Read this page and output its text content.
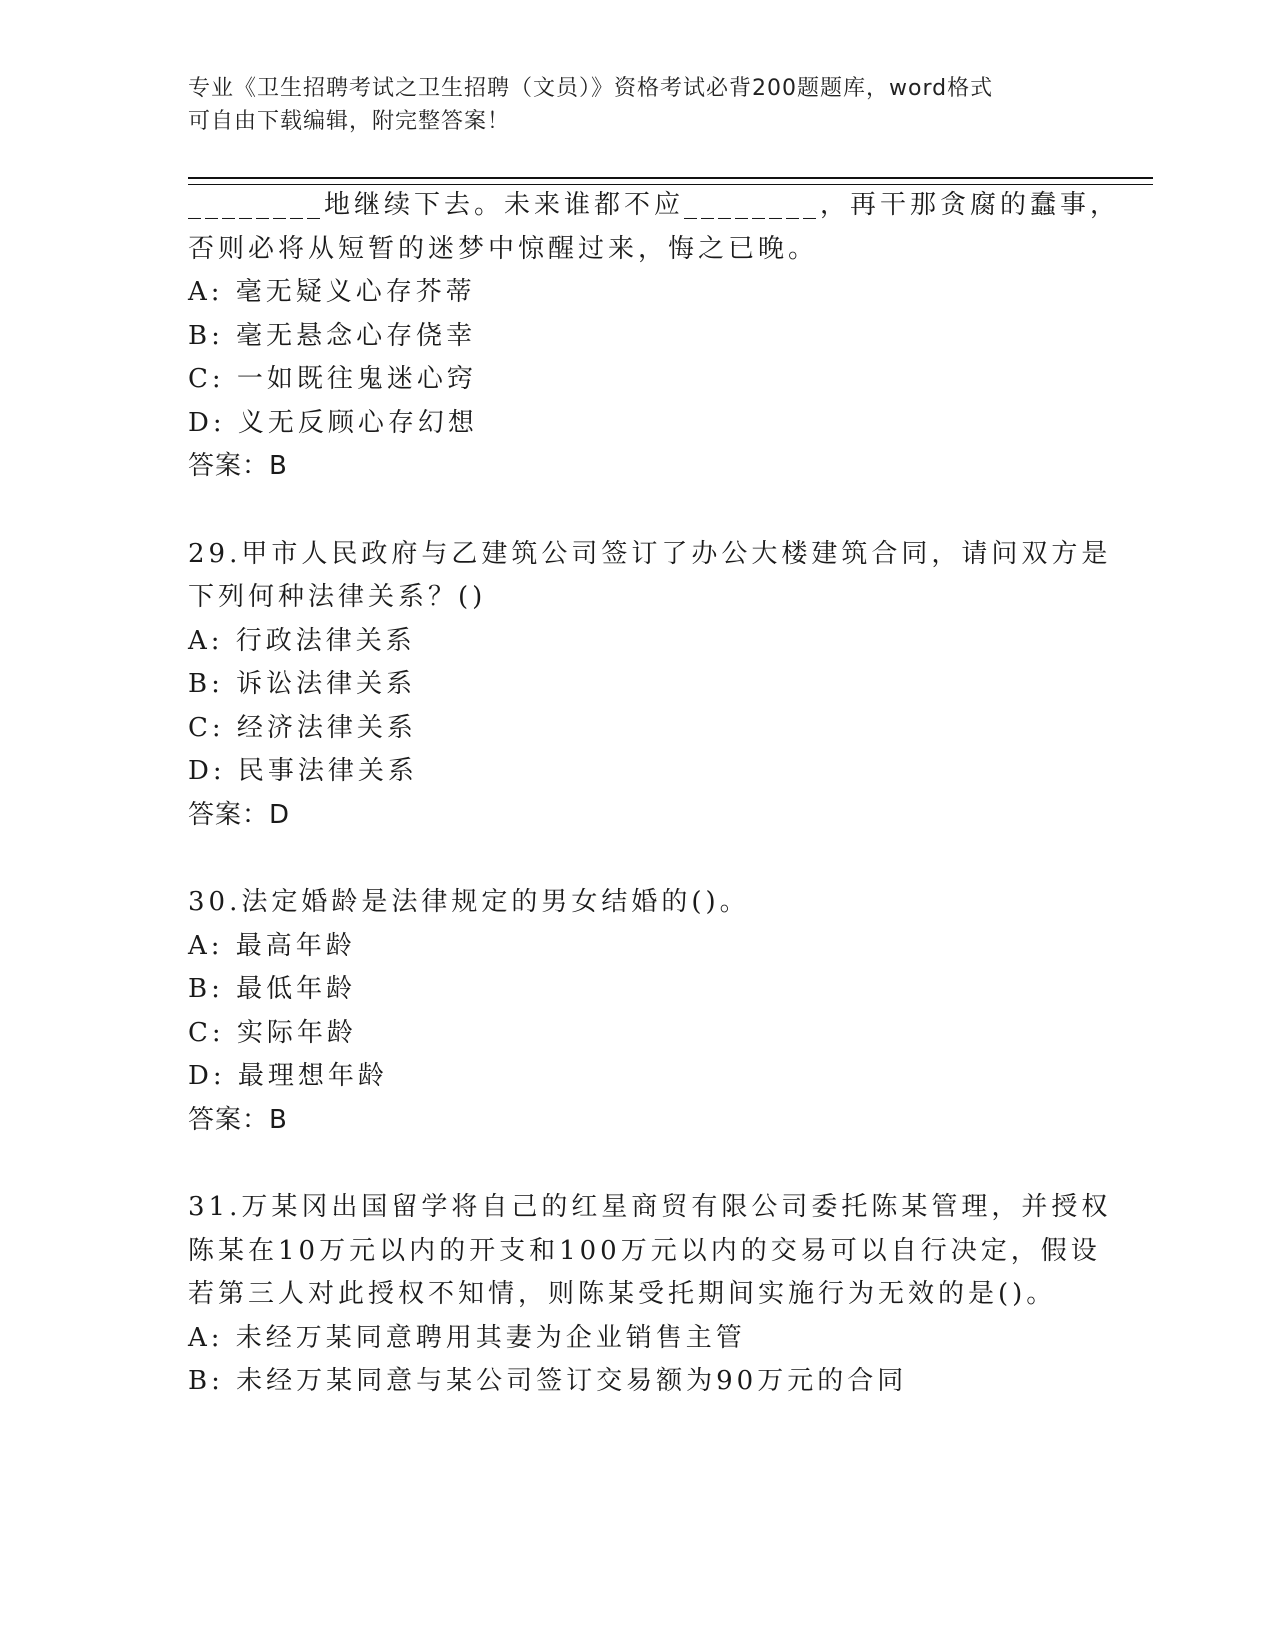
专业《卫生招聘考试之卫生招聘（文员）》资格考试必背200题题库，word格式
可自由下载编辑，附完整答案！
________地继续下去。未来谁都不应________，再干那贪腐的蠢事，
否则必将从短暂的迷梦中惊醒过来，悔之已晚。
A: 毫无疑义心存芥蒂
B: 毫无悬念心存侥幸
C: 一如既往鬼迷心窍
D: 义无反顾心存幻想
答案：B
29.甲市人民政府与乙建筑公司签订了办公大楼建筑合同，请问双方是
下列何种法律关系？()
A: 行政法律关系
B: 诉讼法律关系
C: 经济法律关系
D: 民事法律关系
答案：D
30.法定婚龄是法律规定的男女结婚的()。
A: 最高年龄
B: 最低年龄
C: 实际年龄
D: 最理想年龄
答案：B
31.万某冈出国留学将自己的红星商贸有限公司委托陈某管理，并授权
陈某在10万元以内的开支和100万元以内的交易可以自行决定，假设
若第三人对此授权不知情，则陈某受托期间实施行为无效的是()。
A: 未经万某同意聘用其妻为企业销售主管
B: 未经万某同意与某公司签订交易额为90万元的合同
